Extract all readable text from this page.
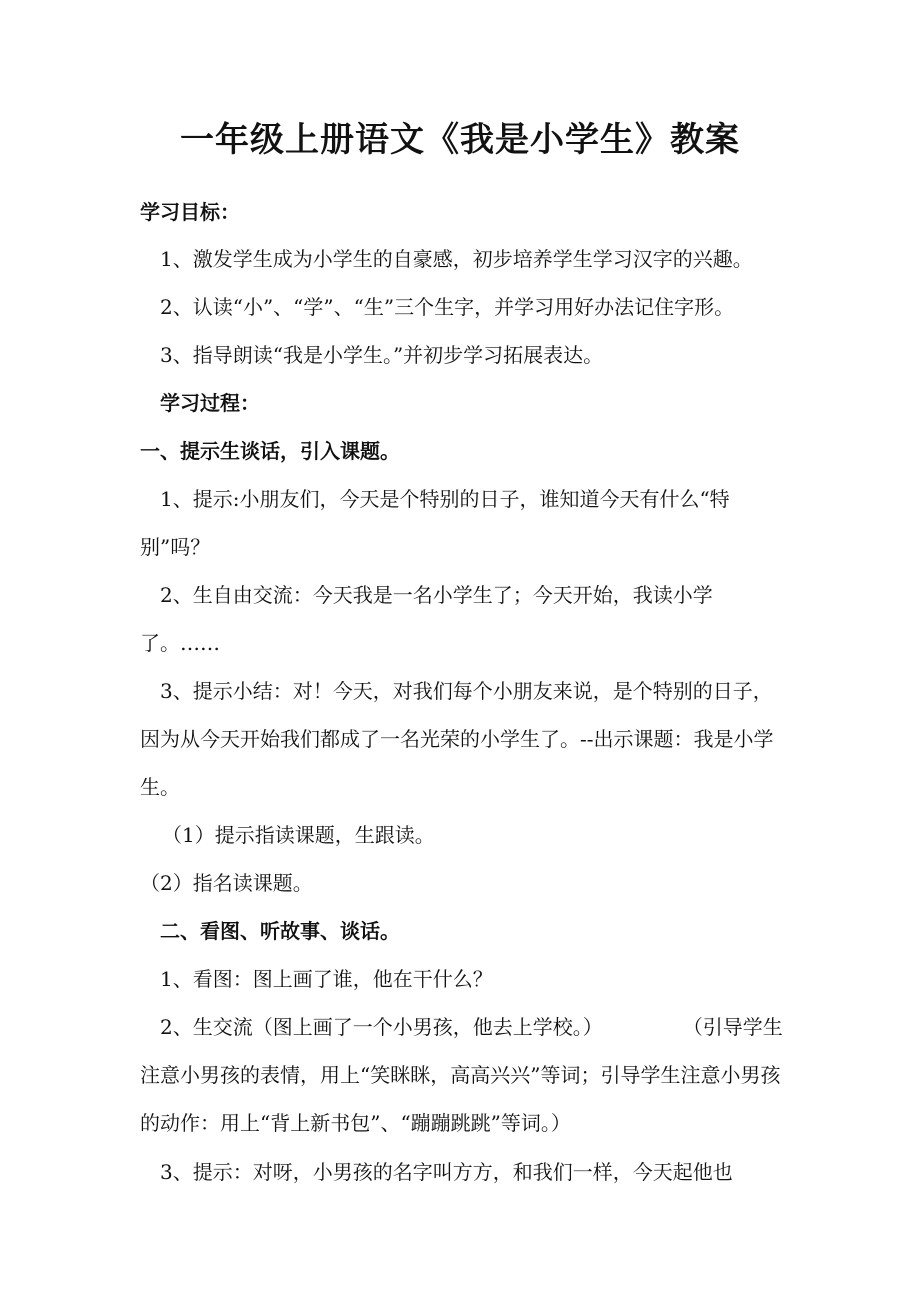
一年级上册语文《我是小学生》教案

学习目标：

1、激发学生成为小学生的自豪感，初步培养学生学习汉字的兴趣。

2、认读“小”、“学”、“生”三个生字，并学习用好办法记住字形。

3、指导朗读“我是小学生。”并初步学习拓展表达。

学习过程：

一、提示生谈话，引入课题。

1、提示:小朋友们，今天是个特别的日子，谁知道今天有什么“特别”吗？

2、生自由交流：今天我是一名小学生了；今天开始，我读小学了。……

3、提示小结：对！今天，对我们每个小朋友来说，是个特别的日子，因为从今天开始我们都成了一名光荣的小学生了。--出示课题：我是小学生。

（1）提示指读课题，生跟读。

（2）指名读课题。

二、看图、听故事、谈话。

1、看图：图上画了谁，他在干什么？

2、生交流（图上画了一个小男孩，他去上学校。）	（引导学生注意小男孩的表情，用上“笑眯眯，高高兴兴”等词；引导学生注意小男孩的动作：用上“背上新书包”、“蹦蹦跳跳”等词。）

3、提示：对呀，小男孩的名字叫方方，和我们一样，今天起他也
